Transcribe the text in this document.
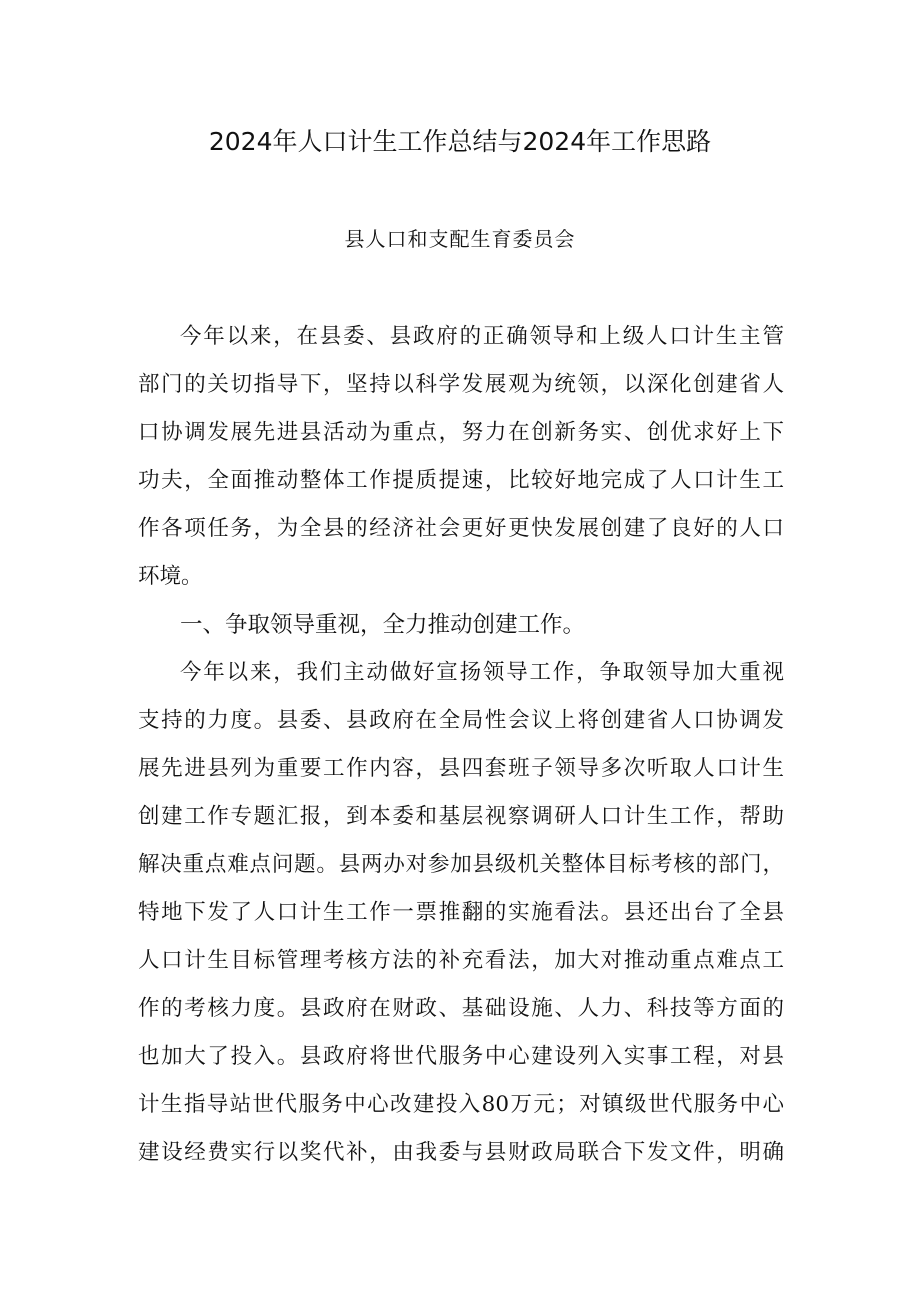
2024年人口计生工作总结与2024年工作思路
县人口和支配生育委员会
今年以来，在县委、县政府的正确领导和上级人口计生主管
部门的关切指导下，坚持以科学发展观为统领，以深化创建省人
口协调发展先进县活动为重点，努力在创新务实、创优求好上下
功夫，全面推动整体工作提质提速，比较好地完成了人口计生工
作各项任务，为全县的经济社会更好更快发展创建了良好的人口
环境。
一、争取领导重视，全力推动创建工作。
今年以来，我们主动做好宣扬领导工作，争取领导加大重视
支持的力度。县委、县政府在全局性会议上将创建省人口协调发
展先进县列为重要工作内容，县四套班子领导多次听取人口计生
创建工作专题汇报，到本委和基层视察调研人口计生工作，帮助
解决重点难点问题。县两办对参加县级机关整体目标考核的部门，
特地下发了人口计生工作一票推翻的实施看法。县还出台了全县
人口计生目标管理考核方法的补充看法，加大对推动重点难点工
作的考核力度。县政府在财政、基础设施、人力、科技等方面的
也加大了投入。县政府将世代服务中心建设列入实事工程，对县
计生指导站世代服务中心改建投入80万元；对镇级世代服务中心
建设经费实行以奖代补，由我委与县财政局联合下发文件，明确
